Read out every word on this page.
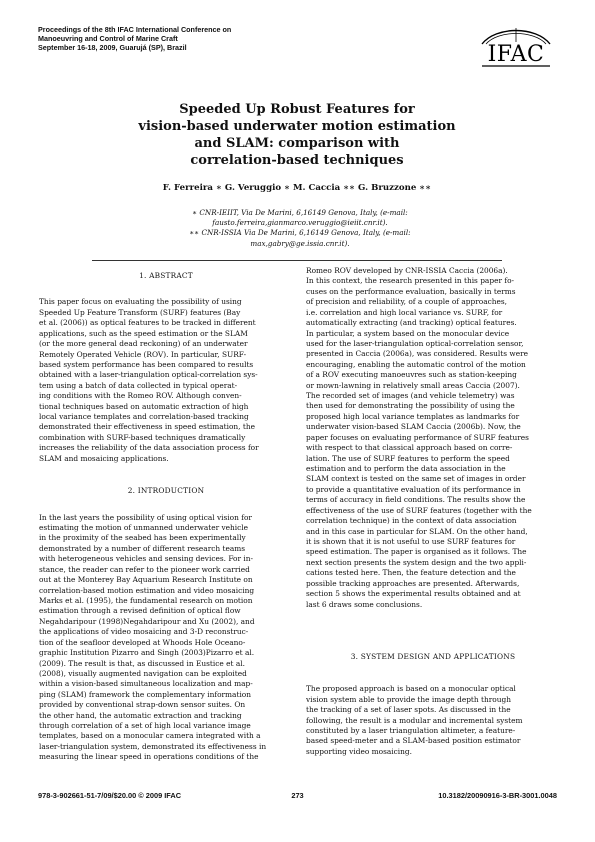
Proceedings of the 8th IFAC International Conference on
Manoeuvring and Control of Marine Craft
September 16-18, 2009, Guarujá (SP), Brazil	IFAC
Speeded Up Robust Features for
vision-based underwater motion estimation
and SLAM: comparison with
correlation-based techniques
F. Ferreira ∗ G. Veruggio ∗ M. Caccia ∗∗ G. Bruzzone ∗∗
∗ CNR-IEIIT, Via De Marini, 6,16149 Genova, Italy, (e-mail:
fausto.ferreira,gianmarco.veruggio@ieiit.cnr.it).
∗∗ CNR-ISSIA Via De Marini, 6,16149 Genova, Italy, (e-mail:
max,gabry@ge.issia.cnr.it).
1. ABSTRACT
This paper focus on evaluating the possibility of using
Speeded Up Feature Transform (SURF) features (Bay
et al. (2006)) as optical features to be tracked in different
applications, such as the speed estimation or the SLAM
(or the more general dead reckoning) of an underwater
Remotely Operated Vehicle (ROV). In particular, SURF-
based system performance has been compared to results
obtained with a laser-triangulation optical-correlation sys-
tem using a batch of data collected in typical operat-
ing conditions with the Romeo ROV. Although conven-
tional techniques based on automatic extraction of high
local variance templates and correlation-based tracking
demonstrated their effectiveness in speed estimation, the
combination with SURF-based techniques dramatically
increases the reliability of the data association process for
SLAM and mosaicing applications.
2. INTRODUCTION
In the last years the possibility of using optical vision for
estimating the motion of unmanned underwater vehicle
in the proximity of the seabed has been experimentally
demonstrated by a number of different research teams
with heterogeneous vehicles and sensing devices. For in-
stance, the reader can refer to the pioneer work carried
out at the Monterey Bay Aquarium Research Institute on
correlation-based motion estimation and video mosaicing
Marks et al. (1995), the fundamental research on motion
estimation through a revised definition of optical flow
Negahdaripour (1998)Negahdaripour and Xu (2002), and
the applications of video mosaicing and 3-D reconstruc-
tion of the seafloor developed at Whoods Hole Oceano-
graphic Institution Pizarro and Singh (2003)Pizarro et al.
(2009). The result is that, as discussed in Eustice et al.
(2008), visually augmented navigation can be exploited
within a vision-based simultaneous localization and map-
ping (SLAM) framework the complementary information
provided by conventional strap-down sensor suites. On
the other hand, the automatic extraction and tracking
through correlation of a set of high local variance image
templates, based on a monocular camera integrated with a
laser-triangulation system, demonstrated its effectiveness in
measuring the linear speed in operations conditions of the
Romeo ROV developed by CNR-ISSIA Caccia (2006a).
In this context, the research presented in this paper fo-
cuses on the performance evaluation, basically in terms
of precision and reliability, of a couple of approaches,
i.e. correlation and high local variance vs. SURF, for
automatically extracting (and tracking) optical features.
In particular, a system based on the monocular device
used for the laser-triangulation optical-correlation sensor,
presented in Caccia (2006a), was considered. Results were
encouraging, enabling the automatic control of the motion
of a ROV executing manoeuvres such as station-keeping
or mown-lawning in relatively small areas Caccia (2007).
The recorded set of images (and vehicle telemetry) was
then used for demonstrating the possibility of using the
proposed high local variance templates as landmarks for
underwater vision-based SLAM Caccia (2006b). Now, the
paper focuses on evaluating performance of SURF features
with respect to that classical approach based on corre-
lation. The use of SURF features to perform the speed
estimation and to perform the data association in the
SLAM context is tested on the same set of images in order
to provide a quantitative evaluation of its performance in
terms of accuracy in field conditions. The results show the
effectiveness of the use of SURF features (together with the
correlation technique) in the context of data association
and in this case in particular for SLAM. On the other hand,
it is shown that it is not useful to use SURF features for
speed estimation. The paper is organised as it follows. The
next section presents the system design and the two appli-
cations tested here. Then, the feature detection and the
possible tracking approaches are presented. Afterwards,
section 5 shows the experimental results obtained and at
last 6 draws some conclusions.
3. SYSTEM DESIGN AND APPLICATIONS
The proposed approach is based on a monocular optical
vision system able to provide the image depth through
the tracking of a set of laser spots. As discussed in the
following, the result is a modular and incremental system
constituted by a laser triangulation altimeter, a feature-
based speed-meter and a SLAM-based position estimator
supporting video mosaicing.
978-3-902661-51-7/09/$20.00 © 2009 IFAC	273	10.3182/20090916-3-BR-3001.0048
